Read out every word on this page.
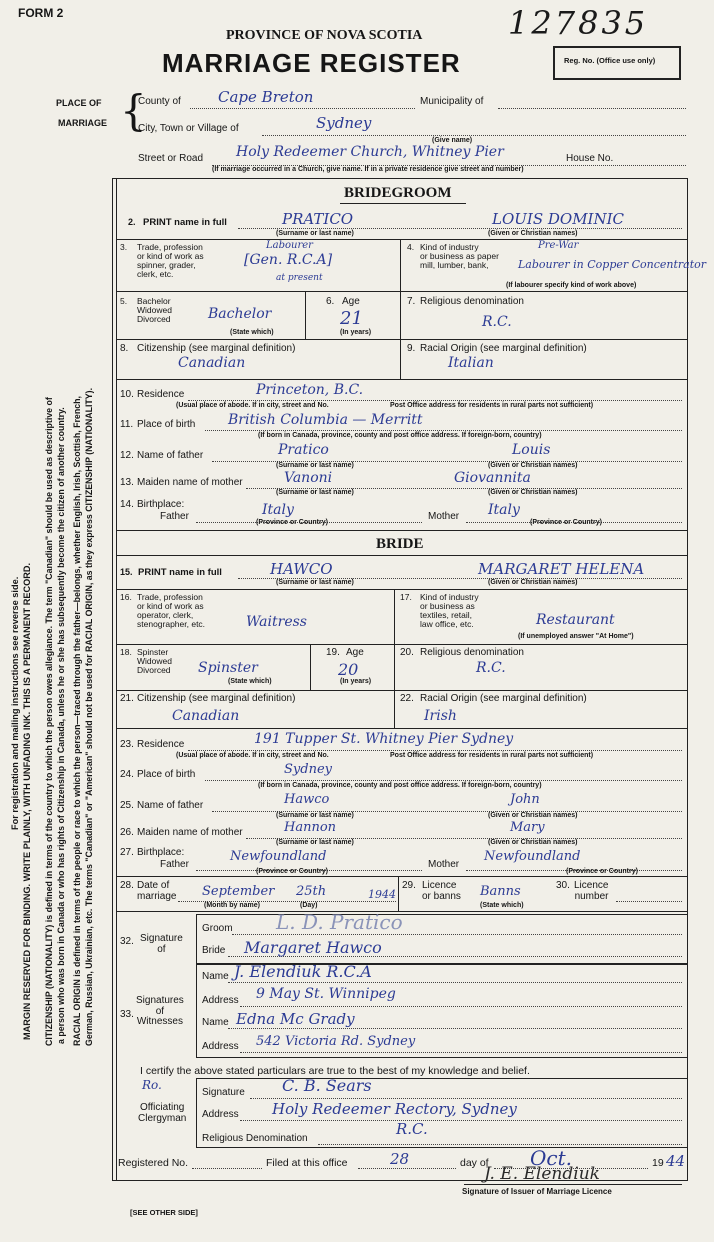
FORM 2
PROVINCE OF NOVA SCOTIA
MARRIAGE REGISTER	Reg. No. (Office use only)
127835
PLACE OF
MARRIAGE {
County of Cape Breton	Municipality of
City, Town or Village of	Sydney
(Give name)
Street or Road Holy Redeemer Church, Whitney Pier	House No.
(If marriage occurred in a Church, give name. If in a private residence give street and number)
For registration and mailing instructions see reverse side. MARGIN RESERVED FOR BINDING. WRITE PLAINLY, WITH UNFADING INK. THIS IS A PERMANENT RECORD. CITIZENSHIP (NATIONALITY) is defined in terms of the country to which the person owes allegiance. The term "Canadian" should be used as descriptive of a person who was born in Canada or who has rights of Citizenship in Canada, unless he or she has subsequently become the citizen of another country. RACIAL ORIGIN is defined in terms of the people or race to which the person—traced through the father—belongs, whether English, Irish, Scottish, French, German, Russian, Ukrainian, etc. The terms "Canadian" or "American" should not be used for RACIAL ORIGIN, as they express CITIZENSHIP (NATIONALITY).
BRIDEGROOM
2. PRINT name in full	PRATICO	LOUIS DOMINIC
(Surname or last name)	(Given or Christian names)
3. Trade, profession
or kind of work as
spinner, grader,
clerk, etc.
Labourer
[Gen. R.C.A]
at present
4. Kind of industry
or business as paper
mill, lumber, bank,
Pre-War
Labourer in Copper Concentrator
(If labourer specify kind of work above)
5. Bachelor
Widowed
Divorced	Bachelor
(State which)
6. Age
21
(In years)
7. Religious denomination
R.C.
8. Citizenship (see marginal definition)
Canadian
9. Racial Origin (see marginal definition)
Italian
10. Residence	Princeton, B.C.
(Usual place of abode. If in city, street and No.	Post Office address for residents in rural parts not sufficient)
11. Place of birth British Columbia — Merritt
(If born in Canada, province, county and post office address. If foreign-born, country)
12. Name of father	Pratico	Louis
(Surname or last name)	(Given or Christian names)
13. Maiden name of mother	Vanoni	Giovannita
(Surname or last name)	(Given or Christian names)
14. Birthplace:
Father	Italy	Mother Italy
(Province or Country)	(Province or Country)
BRIDE
15. PRINT name in full	HAWCO	MARGARET HELENA
(Surname or last name)	(Given or Christian names)
16. Trade, profession
or kind of work as
operator, clerk,
stenographer, etc.	Waitress
17. Kind of industry
or business as
textiles, retail,
law office, etc.	Restaurant
(If unemployed answer "At Home")
18. Spinster
Widowed
Divorced Spinster
(State which)
19. Age
20
(In years)
20. Religious denomination
R.C.
21. Citizenship (see marginal definition)
Canadian
22. Racial Origin (see marginal definition)
Irish
23. Residence	191 Tupper St. Whitney Pier Sydney
(Usual place of abode. If in city, street and No.	Post Office address for residents in rural parts not sufficient)
24. Place of birth	Sydney
(If born in Canada, province, county and post office address. If foreign-born, country)
25. Name of father	Hawco	John
(Surname or last name)	(Given or Christian names)
26. Maiden name of mother	Hannon	Mary
(Surname or last name)	(Given or Christian names)
27. Birthplace:
Father
Newfoundland
Mother
Newfoundland
(Province or Country)	(Province or Country)
28. Date of
marriage September 25th	1944
(Month by name)	(Day)
29. Licence
or banns Banns
(State which)
30. Licence
number
32. Signature
of
Groom L. D. Pratico
Bride Margaret Hawco
33.
Signatures
of
Witnesses
Name J. Elendiuk R.C.A
Address 9 May St. Winnipeg
Name Edna Mc Grady
Address 542 Victoria Rd. Sydney
I certify the above stated particulars are true to the best of my knowledge and belief.
Ro.
Officiating
Clergyman
Signature C. B. Sears
Address Holy Redeemer Rectory, Sydney
Religious Denomination
R.C.
Registered No.	Filed at this office	28	day of Oct.	19 44
J. E. Elendiuk
Signature of Issuer of Marriage Licence
[SEE OTHER SIDE]
